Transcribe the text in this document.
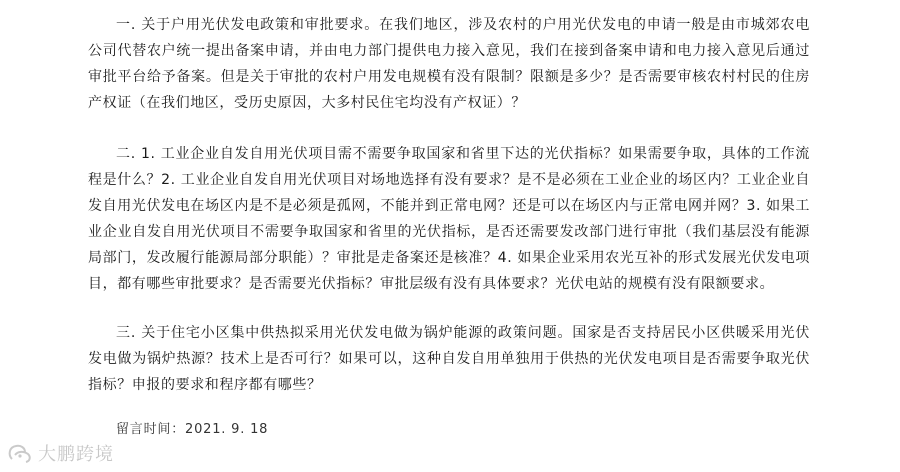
一. 关于户用光伏发电政策和审批要求。在我们地区，涉及农村的户用光伏发电的申请一般是由市城郊农电公司代替农户统一提出备案申请，并由电力部门提供电力接入意见，我们在接到备案申请和电力接入意见后通过审批平台给予备案。但是关于审批的农村户用发电规模有没有限制？限额是多少？是否需要审核农村村民的住房产权证（在我们地区，受历史原因，大多村民住宅均没有产权证）？

二. 1. 工业企业自发自用光伏项目需不需要争取国家和省里下达的光伏指标？如果需要争取，具体的工作流程是什么？2. 工业企业自发自用光伏项目对场地选择有没有要求？是不是必须在工业企业的场区内？工业企业自发自用光伏发电在场区内是不是必须是孤网，不能并到正常电网？还是可以在场区内与正常电网并网？3. 如果工业企业自发自用光伏项目不需要争取国家和省里的光伏指标，是否还需要发改部门进行审批（我们基层没有能源局部门，发改履行能源局部分职能）？审批是走备案还是核准？4. 如果企业采用农光互补的形式发展光伏发电项目，都有哪些审批要求？是否需要光伏指标？审批层级有没有具体要求？光伏电站的规模有没有限额要求。

三. 关于住宅小区集中供热拟采用光伏发电做为锅炉能源的政策问题。国家是否支持居民小区供暖采用光伏发电做为锅炉热源？技术上是否可行？如果可以，这种自发自用单独用于供热的光伏发电项目是否需要争取光伏指标？申报的要求和程序都有哪些？

留言时间：2021. 9. 18

大鹏跨境
